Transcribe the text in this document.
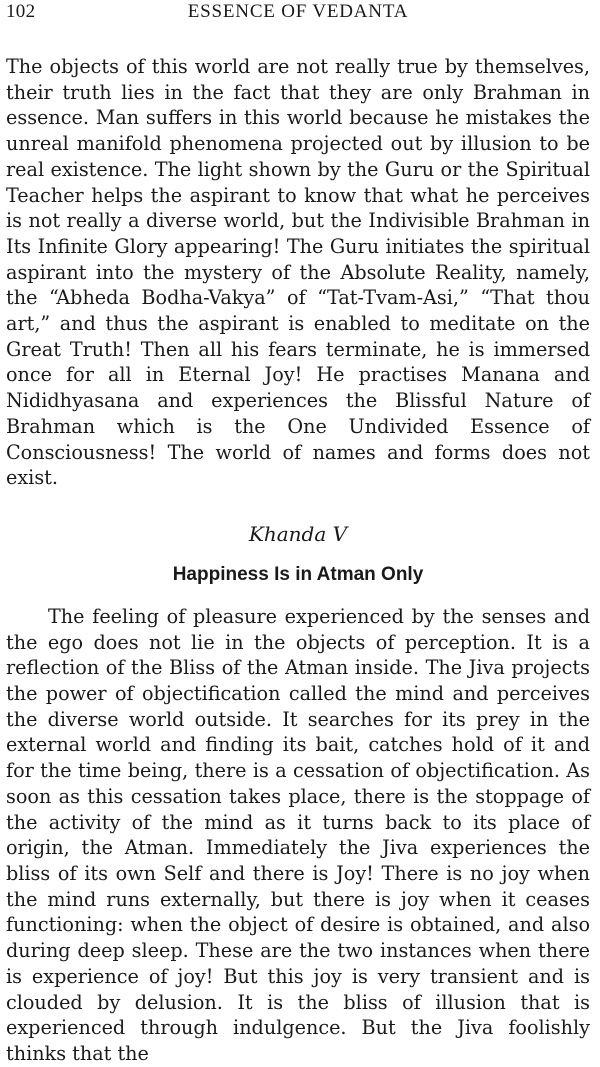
102	ESSENCE OF VEDANTA

The objects of this world are not really true by themselves, their truth lies in the fact that they are only Brahman in essence. Man suffers in this world because he mistakes the unreal manifold phenomena projected out by illusion to be real existence. The light shown by the Guru or the Spiritual Teacher helps the aspirant to know that what he perceives is not really a diverse world, but the Indivisible Brahman in Its Infinite Glory appearing! The Guru initiates the spiritual aspirant into the mystery of the Absolute Reality, namely, the “Abheda Bodha-Vakya” of “Tat-Tvam-Asi,” “That thou art,” and thus the aspirant is enabled to meditate on the Great Truth! Then all his fears terminate, he is immersed once for all in Eternal Joy! He practises Manana and Nididhyasana and experiences the Blissful Nature of Brahman which is the One Undivided Essence of Consciousness! The world of names and forms does not exist.

Khanda V

Happiness Is in Atman Only

The feeling of pleasure experienced by the senses and the ego does not lie in the objects of perception. It is a reflection of the Bliss of the Atman inside. The Jiva projects the power of objectification called the mind and perceives the diverse world outside. It searches for its prey in the external world and finding its bait, catches hold of it and for the time being, there is a cessation of objectification. As soon as this cessation takes place, there is the stoppage of the activity of the mind as it turns back to its place of origin, the Atman. Immediately the Jiva experiences the bliss of its own Self and there is Joy! There is no joy when the mind runs externally, but there is joy when it ceases functioning: when the object of desire is obtained, and also during deep sleep. These are the two instances when there is experience of joy! But this joy is very transient and is clouded by delusion. It is the bliss of illusion that is experienced through indulgence. But the Jiva foolishly thinks that the
